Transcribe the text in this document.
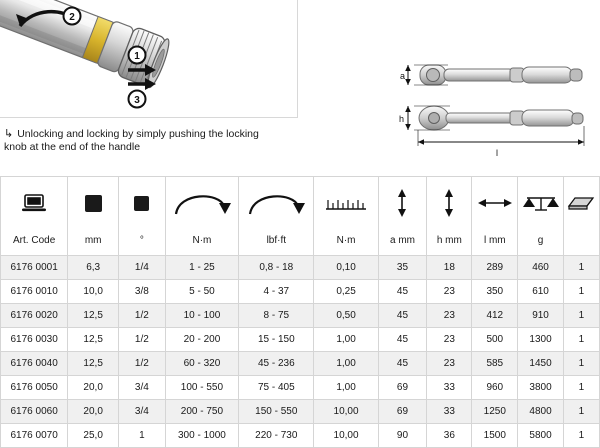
2
1
3
↳ Unlocking and locking by simply pushing the locking knob at the end of the handle
a
h
l

Art. Code	mm	°	N·m	lbf·ft	N·m	a mm	h mm	l mm	g	
6176 0001	6,3	1/4	1 - 25	0,8 - 18	0,10	35	18	289	460	1
6176 0010	10,0	3/8	5 - 50	4 - 37	0,25	45	23	350	610	1
6176 0020	12,5	1/2	10 - 100	8 - 75	0,50	45	23	412	910	1
6176 0030	12,5	1/2	20 - 200	15 - 150	1,00	45	23	500	1300	1
6176 0040	12,5	1/2	60 - 320	45 - 236	1,00	45	23	585	1450	1
6176 0050	20,0	3/4	100 - 550	75 - 405	1,00	69	33	960	3800	1
6176 0060	20,0	3/4	200 - 750	150 - 550	10,00	69	33	1250	4800	1
6176 0070	25,0	1	300 - 1000	220 - 730	10,00	90	36	1500	5800	1
